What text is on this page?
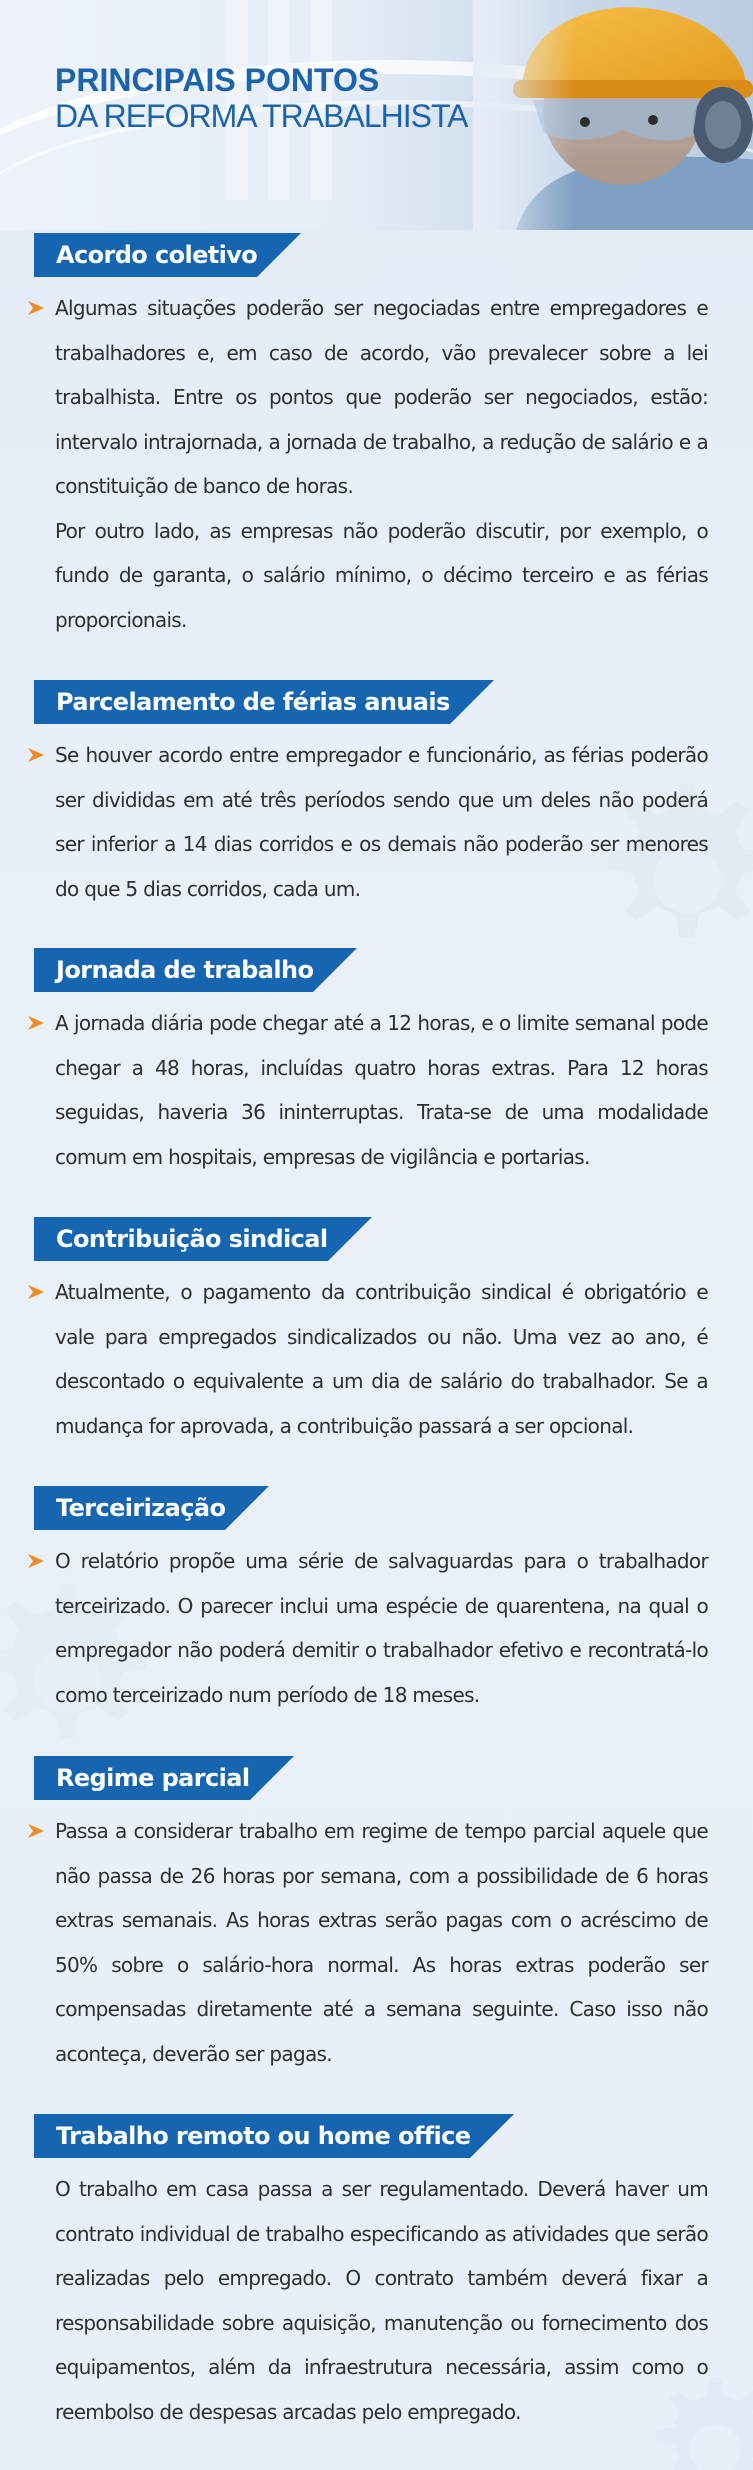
PRINCIPAIS PONTOS
DA REFORMA TRABALHISTA
Acordo coletivo

Algumas situações poderão ser negociadas entre empregadores e trabalhadores e, em caso de acordo, vão prevalecer sobre a lei trabalhista. Entre os pontos que poderão ser negociados, estão: intervalo intrajornada, a jornada de trabalho, a redução de salário e a constituição de banco de horas.

Por outro lado, as empresas não poderão discutir, por exemplo, o fundo de garanta, o salário mínimo, o décimo terceiro e as férias proporcionais.

Parcelamento de férias anuais

Se houver acordo entre empregador e funcionário, as férias poderão ser divididas em até três períodos sendo que um deles não poderá ser inferior a 14 dias corridos e os demais não poderão ser menores do que 5 dias corridos, cada um.

Jornada de trabalho

A jornada diária pode chegar até a 12 horas, e o limite semanal pode chegar a 48 horas, incluídas quatro horas extras. Para 12 horas seguidas, haveria 36 ininterruptas. Trata-se de uma modalidade comum em hospitais, empresas de vigilância e portarias.

Contribuição sindical

Atualmente, o pagamento da contribuição sindical é obrigatório e vale para empregados sindicalizados ou não. Uma vez ao ano, é descontado o equivalente a um dia de salário do trabalhador. Se a mudança for aprovada, a contribuição passará a ser opcional.

Terceirização

O relatório propõe uma série de salvaguardas para o trabalhador terceirizado. O parecer inclui uma espécie de quarentena, na qual o empregador não poderá demitir o trabalhador efetivo e recontratá-lo como terceirizado num período de 18 meses.

Regime parcial

Passa a considerar trabalho em regime de tempo parcial aquele que não passa de 26 horas por semana, com a possibilidade de 6 horas extras semanais. As horas extras serão pagas com o acréscimo de 50% sobre o salário-hora normal. As horas extras poderão ser compensadas diretamente até a semana seguinte. Caso isso não aconteça, deverão ser pagas.

Trabalho remoto ou home office

O trabalho em casa passa a ser regulamentado. Deverá haver um contrato individual de trabalho especificando as atividades que serão realizadas pelo empregado. O contrato também deverá fixar a responsabilidade sobre aquisição, manutenção ou fornecimento dos equipamentos, além da infraestrutura necessária, assim como o reembolso de despesas arcadas pelo empregado.
